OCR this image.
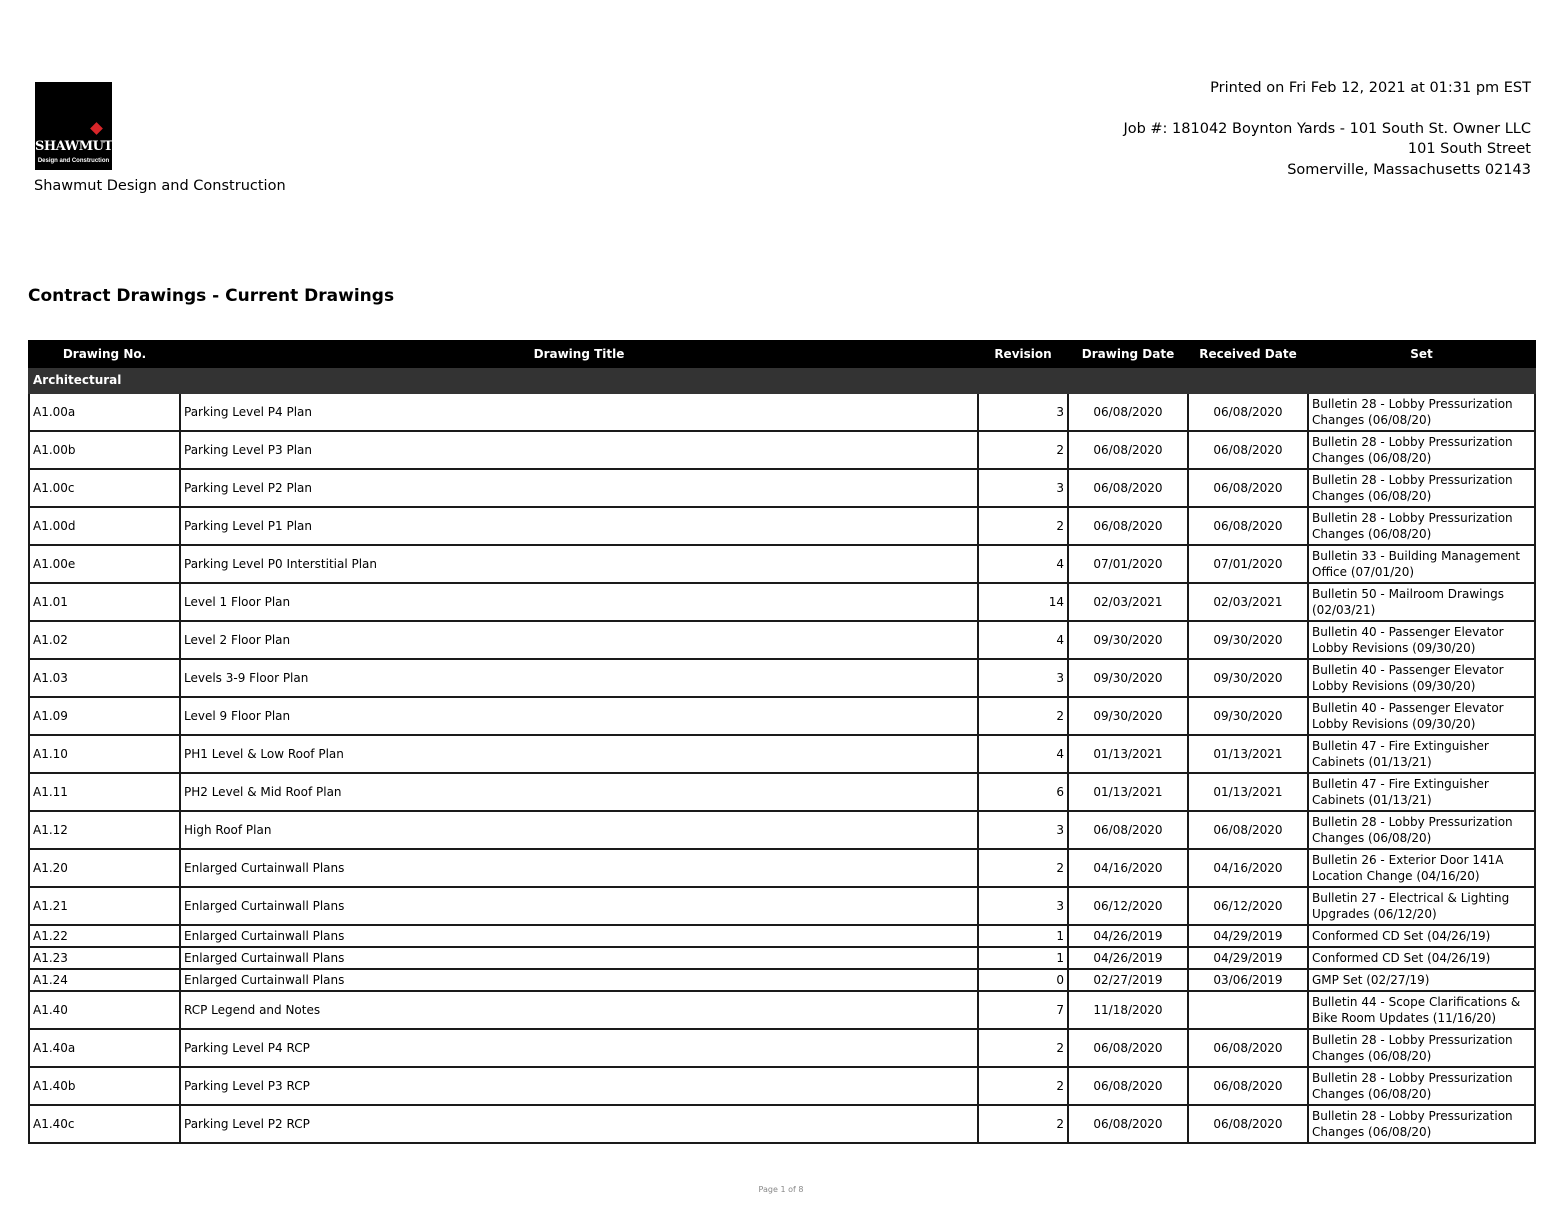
SHAWMUT
Design and Construction
Shawmut Design and Construction
Printed on Fri Feb 12, 2021 at 01:31 pm EST
Job #: 181042 Boynton Yards - 101 South St. Owner LLC
101 South Street
Somerville, Massachusetts 02143
Contract Drawings - Current Drawings
Drawing No.	Drawing Title	Revision	Drawing Date	Received Date	Set
Architectural					
A1.00a	Parking Level P4 Plan	3	06/08/2020	06/08/2020	Bulletin 28 - Lobby Pressurization Changes (06/08/20)
A1.00b	Parking Level P3 Plan	2	06/08/2020	06/08/2020	Bulletin 28 - Lobby Pressurization Changes (06/08/20)
A1.00c	Parking Level P2 Plan	3	06/08/2020	06/08/2020	Bulletin 28 - Lobby Pressurization Changes (06/08/20)
A1.00d	Parking Level P1 Plan	2	06/08/2020	06/08/2020	Bulletin 28 - Lobby Pressurization Changes (06/08/20)
A1.00e	Parking Level P0 Interstitial Plan	4	07/01/2020	07/01/2020	Bulletin 33 - Building Management Office (07/01/20)
A1.01	Level 1 Floor Plan	14	02/03/2021	02/03/2021	Bulletin 50 - Mailroom Drawings (02/03/21)
A1.02	Level 2 Floor Plan	4	09/30/2020	09/30/2020	Bulletin 40 - Passenger Elevator Lobby Revisions (09/30/20)
A1.03	Levels 3-9 Floor Plan	3	09/30/2020	09/30/2020	Bulletin 40 - Passenger Elevator Lobby Revisions (09/30/20)
A1.09	Level 9 Floor Plan	2	09/30/2020	09/30/2020	Bulletin 40 - Passenger Elevator Lobby Revisions (09/30/20)
A1.10	PH1 Level & Low Roof Plan	4	01/13/2021	01/13/2021	Bulletin 47 - Fire Extinguisher Cabinets (01/13/21)
A1.11	PH2 Level & Mid Roof Plan	6	01/13/2021	01/13/2021	Bulletin 47 - Fire Extinguisher Cabinets (01/13/21)
A1.12	High Roof Plan	3	06/08/2020	06/08/2020	Bulletin 28 - Lobby Pressurization Changes (06/08/20)
A1.20	Enlarged Curtainwall Plans	2	04/16/2020	04/16/2020	Bulletin 26 - Exterior Door 141A Location Change (04/16/20)
A1.21	Enlarged Curtainwall Plans	3	06/12/2020	06/12/2020	Bulletin 27 - Electrical & Lighting Upgrades (06/12/20)
A1.22	Enlarged Curtainwall Plans	1	04/26/2019	04/29/2019	Conformed CD Set (04/26/19)
A1.23	Enlarged Curtainwall Plans	1	04/26/2019	04/29/2019	Conformed CD Set (04/26/19)
A1.24	Enlarged Curtainwall Plans	0	02/27/2019	03/06/2019	GMP Set (02/27/19)
A1.40	RCP Legend and Notes	7	11/18/2020		Bulletin 44 - Scope Clarifications & Bike Room Updates (11/16/20)
A1.40a	Parking Level P4 RCP	2	06/08/2020	06/08/2020	Bulletin 28 - Lobby Pressurization Changes (06/08/20)
A1.40b	Parking Level P3 RCP	2	06/08/2020	06/08/2020	Bulletin 28 - Lobby Pressurization Changes (06/08/20)
A1.40c	Parking Level P2 RCP	2	06/08/2020	06/08/2020	Bulletin 28 - Lobby Pressurization Changes (06/08/20)
Page 1 of 8
